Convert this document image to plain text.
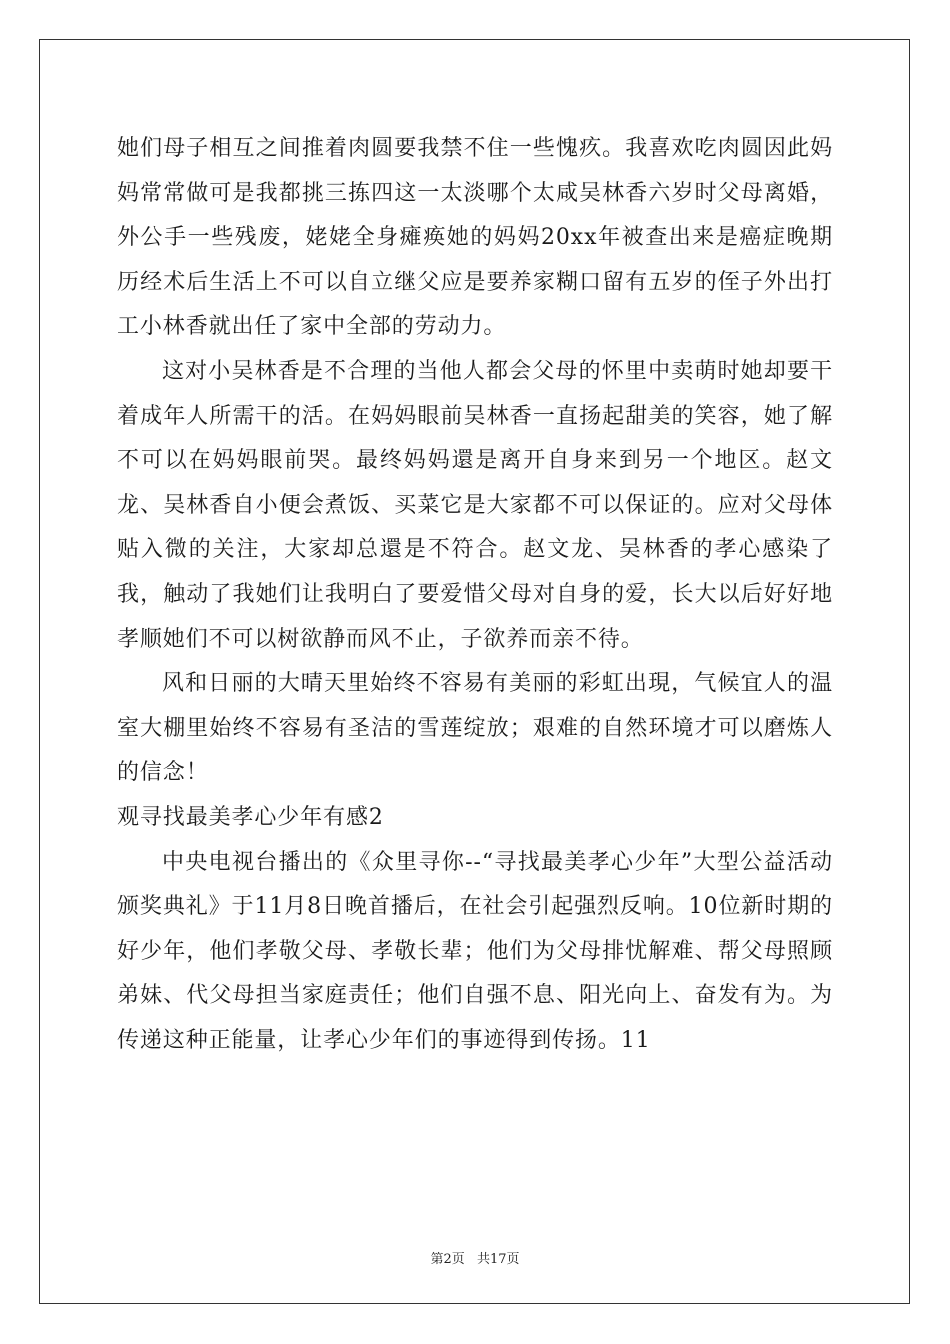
她们母子相互之间推着肉圆要我禁不住一些愧疚。我喜欢吃肉圆因此妈妈常常做可是我都挑三拣四这一太淡哪个太咸吴林香六岁时父母离婚，外公手一些残废，姥姥全身瘫痪她的妈妈20xx年被查出来是癌症晚期历经术后生活上不可以自立继父应是要养家糊口留有五岁的侄子外出打工小林香就出任了家中全部的劳动力。

这对小吴林香是不合理的当他人都会父母的怀里中卖萌时她却要干着成年人所需干的活。在妈妈眼前吴林香一直扬起甜美的笑容，她了解不可以在妈妈眼前哭。最终妈妈還是离开自身来到另一个地区。赵文龙、吴林香自小便会煮饭、买菜它是大家都不可以保证的。应对父母体贴入微的关注，大家却总還是不符合。赵文龙、吴林香的孝心感染了我，触动了我她们让我明白了要爱惜父母对自身的爱，长大以后好好地孝顺她们不可以树欲静而风不止，子欲养而亲不待。

风和日丽的大晴天里始终不容易有美丽的彩虹出現，气候宜人的温室大棚里始终不容易有圣洁的雪莲绽放；艰难的自然环境才可以磨炼人的信念！

观寻找最美孝心少年有感2

中央电视台播出的《众里寻你--“寻找最美孝心少年”大型公益活动颁奖典礼》于11月8日晚首播后，在社会引起强烈反响。10位新时期的好少年，他们孝敬父母、孝敬长辈；他们为父母排忧解难、帮父母照顾弟妹、代父母担当家庭责任；他们自强不息、阳光向上、奋发有为。为传递这种正能量，让孝心少年们的事迹得到传扬。11

第2页 共17页
